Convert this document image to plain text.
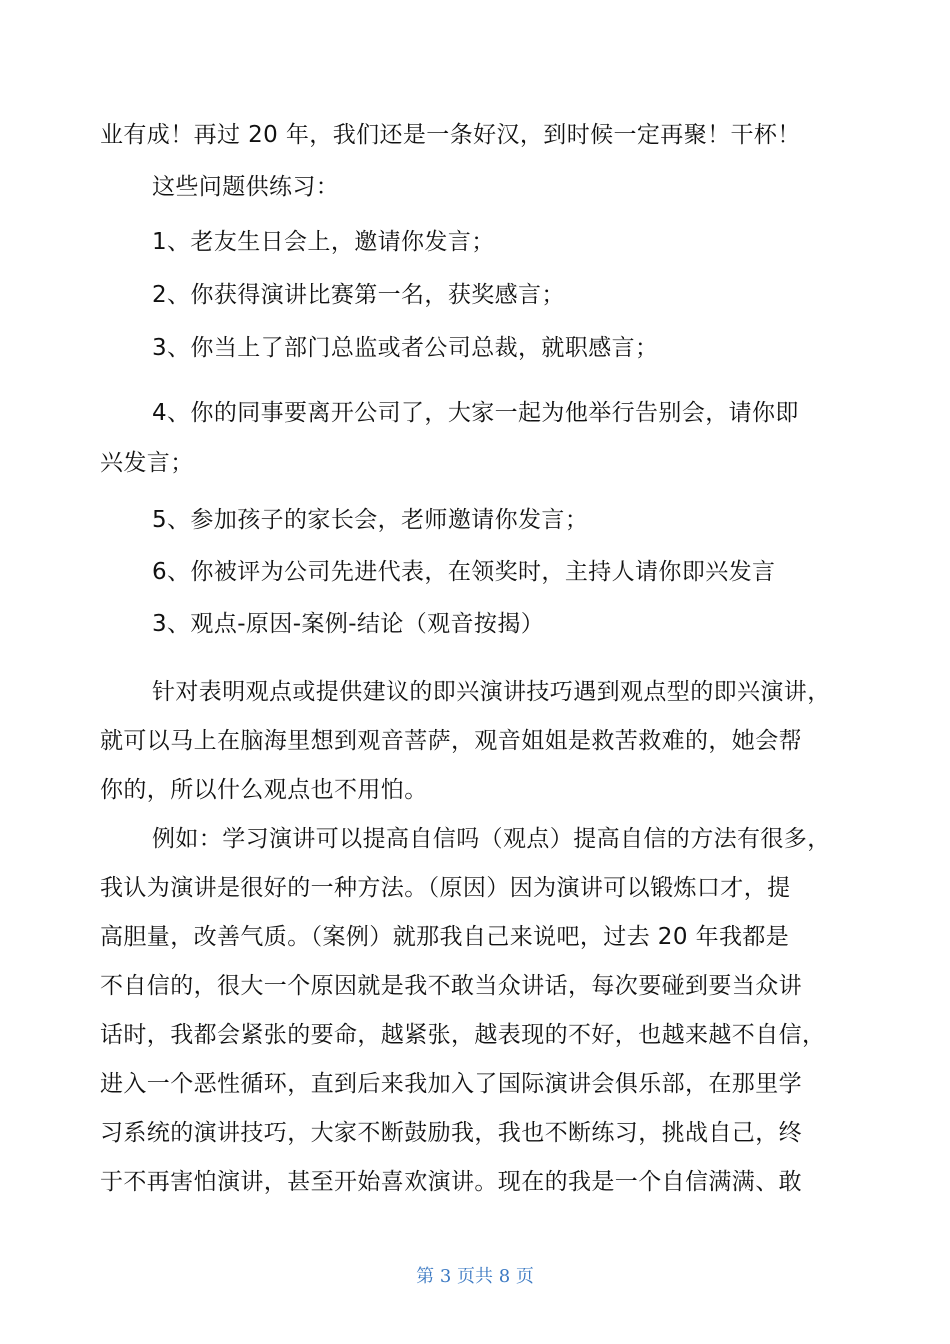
业有成！再过 20 年，我们还是一条好汉，到时候一定再聚！干杯！
这些问题供练习：
1、老友生日会上，邀请你发言；
2、你获得演讲比赛第一名，获奖感言；
3、你当上了部门总监或者公司总裁，就职感言；
4、你的同事要离开公司了，大家一起为他举行告别会，请你即
兴发言；
5、参加孩子的家长会，老师邀请你发言；
6、你被评为公司先进代表，在领奖时，主持人请你即兴发言
3、观点-原因-案例-结论（观音按揭）
针对表明观点或提供建议的即兴演讲技巧遇到观点型的即兴演讲，
就可以马上在脑海里想到观音菩萨，观音姐姐是救苦救难的，她会帮
你的，所以什么观点也不用怕。
例如：学习演讲可以提高自信吗（观点）提高自信的方法有很多，
我认为演讲是很好的一种方法。（原因）因为演讲可以锻炼口才，提
高胆量，改善气质。（案例）就那我自己来说吧，过去 20 年我都是
不自信的，很大一个原因就是我不敢当众讲话，每次要碰到要当众讲
话时，我都会紧张的要命，越紧张，越表现的不好，也越来越不自信，
进入一个恶性循环，直到后来我加入了国际演讲会俱乐部，在那里学
习系统的演讲技巧，大家不断鼓励我，我也不断练习，挑战自己，终
于不再害怕演讲，甚至开始喜欢演讲。现在的我是一个自信满满、敢
第 3 页共 8 页
